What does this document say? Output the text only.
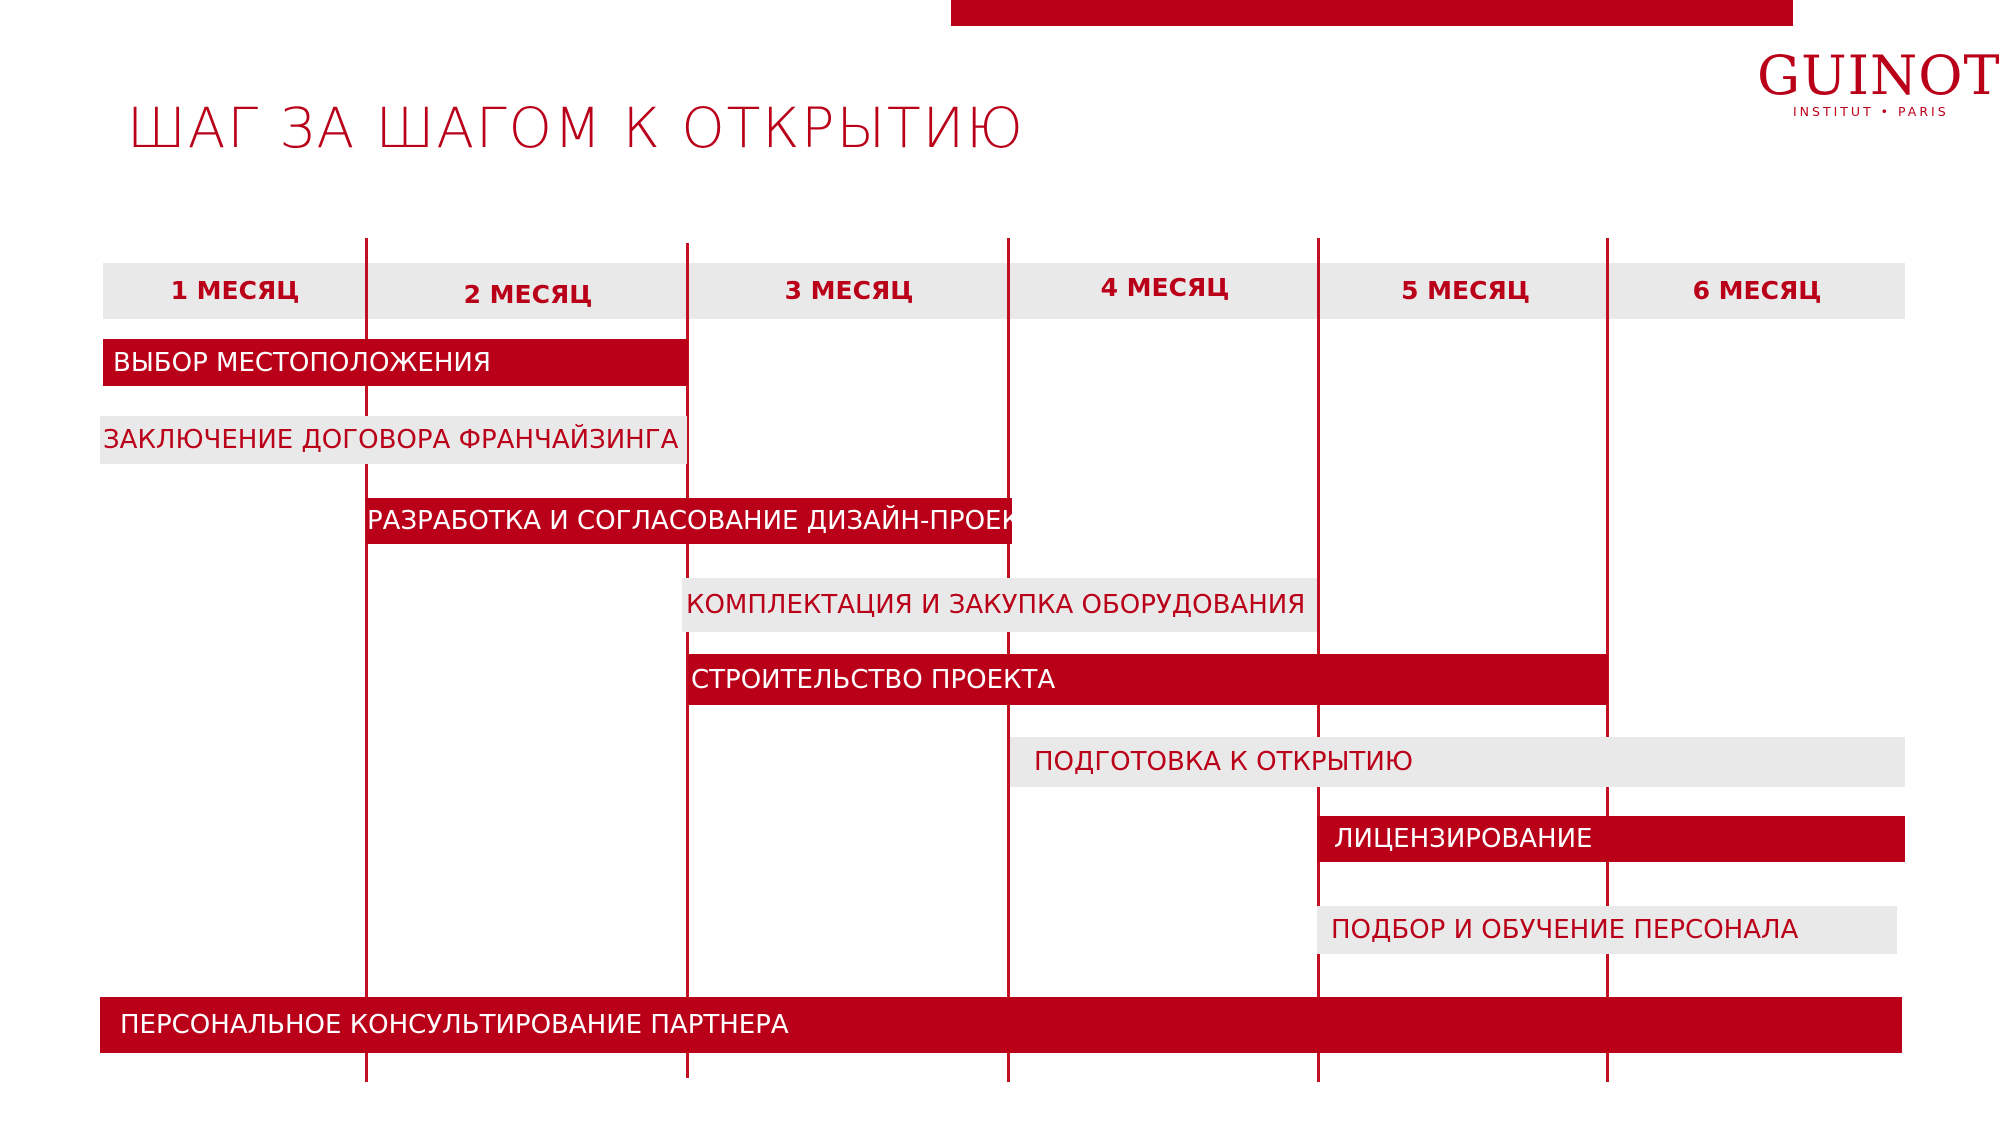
ШАГ ЗА ШАГОМ К ОТКРЫТИЮ
GUINOT
INSTITUT • PARIS
1 МЕСЯЦ	2 МЕСЯЦ	3 МЕСЯЦ	4 МЕСЯЦ	5 МЕСЯЦ	6 МЕСЯЦ
ВЫБОР МЕСТОПОЛОЖЕНИЯ
ЗАКЛЮЧЕНИЕ ДОГОВОРА ФРАНЧАЙЗИНГА
РАЗРАБОТКА И СОГЛАСОВАНИЕ ДИЗАЙН-ПРОЕКТА
КОМПЛЕКТАЦИЯ И ЗАКУПКА ОБОРУДОВАНИЯ
СТРОИТЕЛЬСТВО ПРОЕКТА
ПОДГОТОВКА К ОТКРЫТИЮ
ЛИЦЕНЗИРОВАНИЕ
ПОДБОР И ОБУЧЕНИЕ ПЕРСОНАЛА
ПЕРСОНАЛЬНОЕ КОНСУЛЬТИРОВАНИЕ ПАРТНЕРА
